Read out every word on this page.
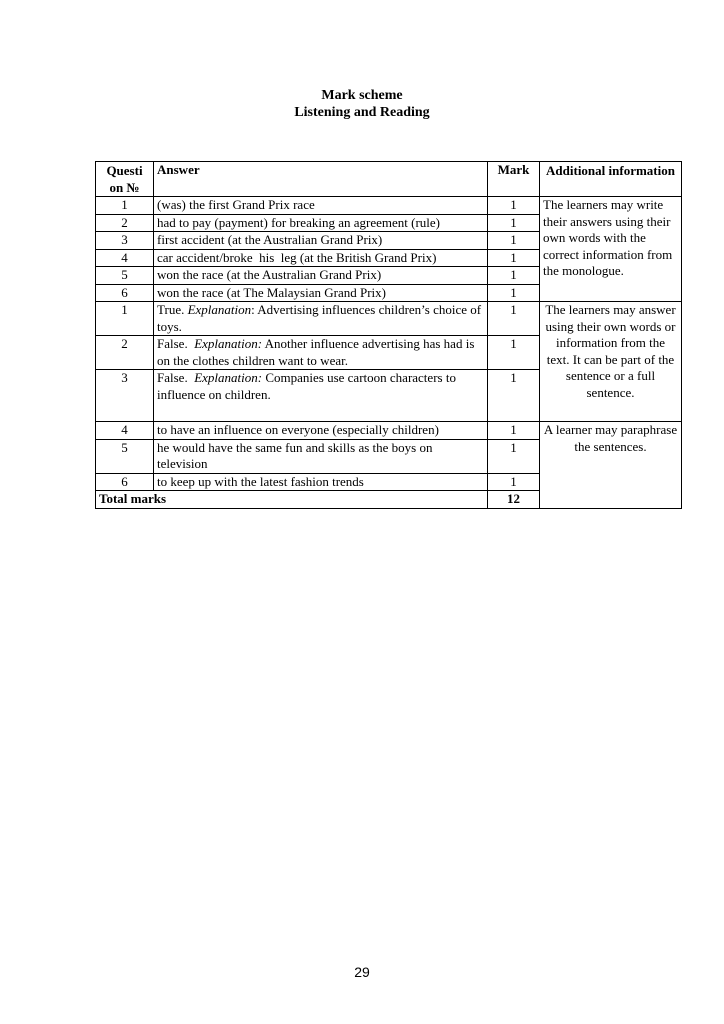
Mark scheme
Listening and Reading
Questi on №	Answer	Mark	Additional information
1	(was) the first Grand Prix race	1	The learners may write their answers using their own words with the correct information from the monologue.
2	had to pay (payment) for breaking an agreement (rule)	1	
3	first accident (at the Australian Grand Prix)	1	
4	car accident/broke  his  leg (at the British Grand Prix)	1	
5	won the race (at the Australian Grand Prix)	1	
6	won the race (at The Malaysian Grand Prix)	1	
1	True. Explanation: Advertising influences children’s choice of toys.	1	The learners may answer using their own words or information from the text. It can be part of the sentence or a full sentence.
2	False.  Explanation: Another influence advertising has had is on the clothes children want to wear.	1	
3	False.  Explanation: Companies use cartoon characters to influence on children.	1	
4	to have an influence on everyone (especially children)	1	A learner may paraphrase the sentences.
5	he would have the same fun and skills as the boys on television	1	
6	to keep up with the latest fashion trends	1	
Total marks		12	
29
